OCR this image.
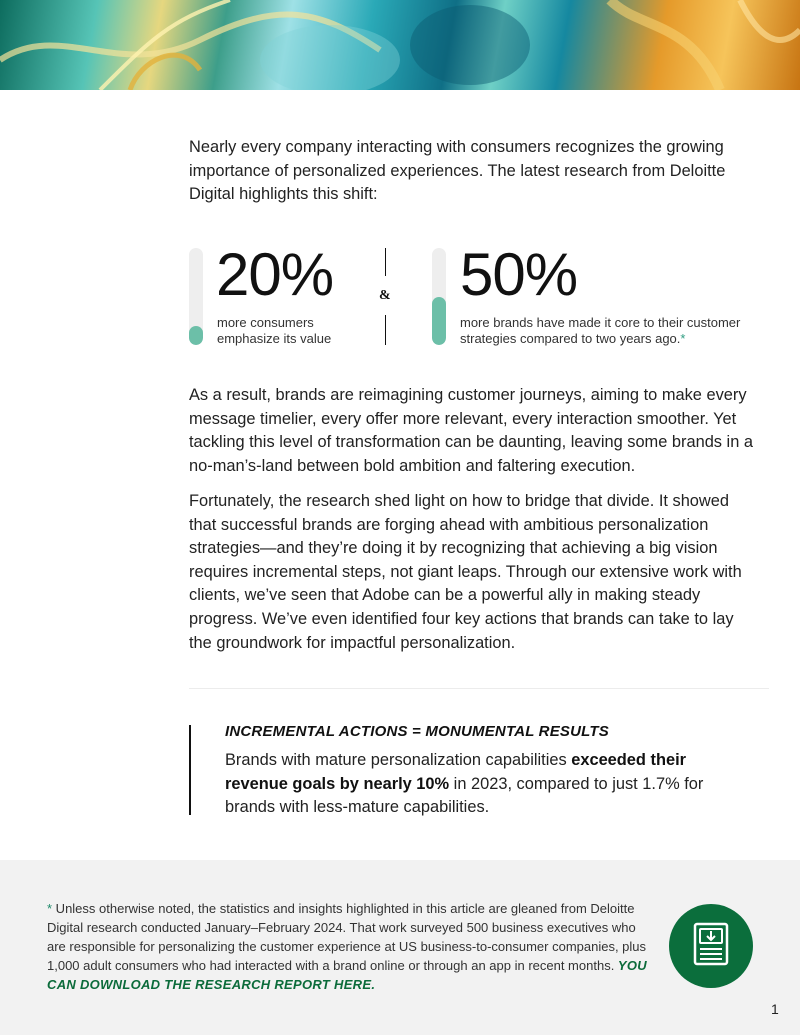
Nearly every company interacting with consumers recognizes the growing importance of personalized experiences. The latest research from Deloitte Digital highlights this shift:

20%
more consumers
emphasize its value
& 50%
more brands have made it core to their customer
strategies compared to two years ago.*

As a result, brands are reimagining customer journeys, aiming to make every message timelier, every offer more relevant, every interaction smoother. Yet tackling this level of transformation can be daunting, leaving some brands in a no-man’s-land between bold ambition and faltering execution.

Fortunately, the research shed light on how to bridge that divide. It showed that successful brands are forging ahead with ambitious personalization strategies—and they’re doing it by recognizing that achieving a big vision requires incremental steps, not giant leaps. Through our extensive work with clients, we’ve seen that Adobe can be a powerful ally in making steady progress. We’ve even identified four key actions that brands can take to lay the groundwork for impactful personalization.

INCREMENTAL ACTIONS = MONUMENTAL RESULTS

Brands with mature personalization capabilities exceeded their revenue goals by nearly 10% in 2023, compared to just 1.7% for brands with less-mature capabilities.

* Unless otherwise noted, the statistics and insights highlighted in this article are gleaned from Deloitte Digital research conducted January–February 2024. That work surveyed 500 business executives who are responsible for personalizing the customer experience at US business-to-consumer companies, plus 1,000 adult consumers who had interacted with a brand online or through an app in recent months. YOU CAN DOWNLOAD THE RESEARCH REPORT HERE.

1
